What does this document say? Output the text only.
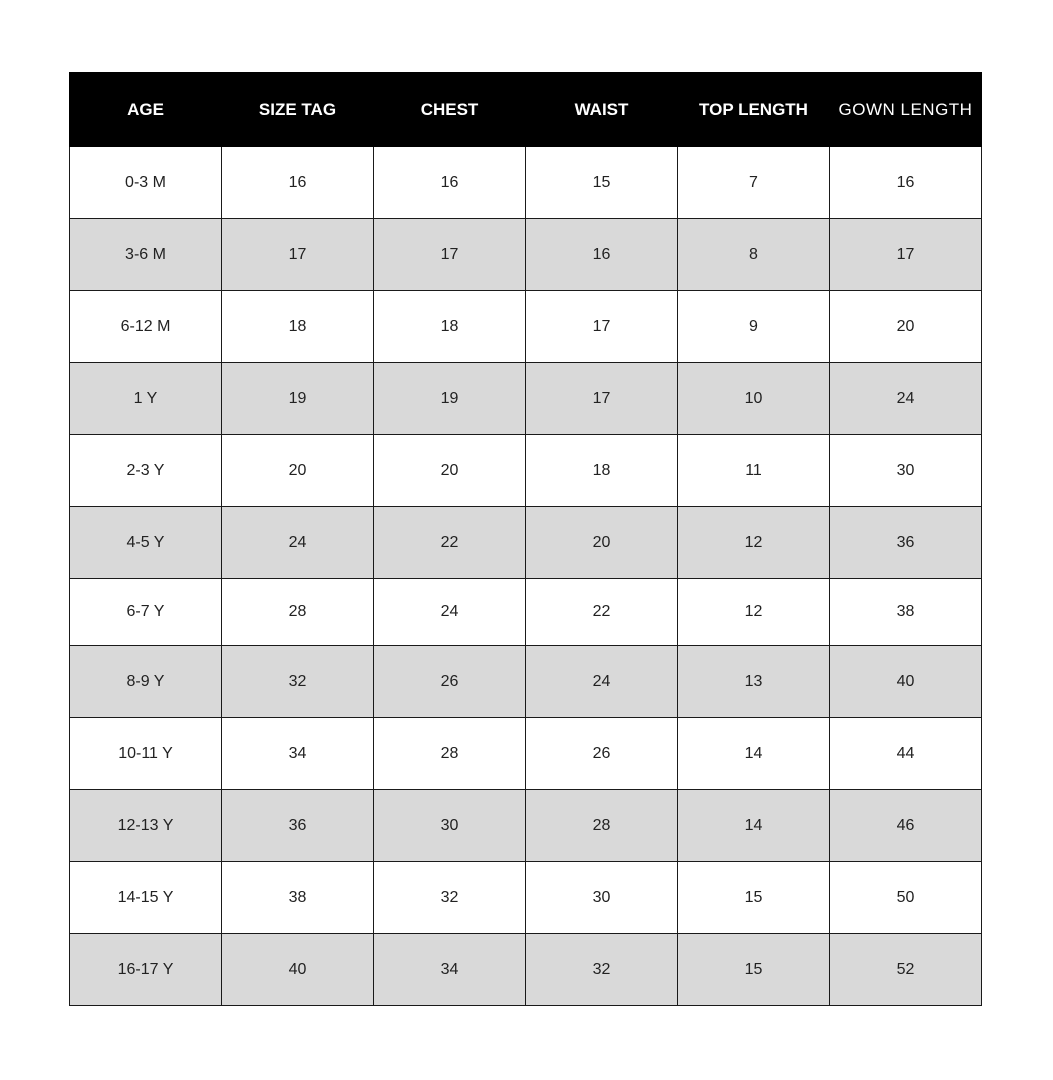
AGE	SIZE TAG	CHEST	WAIST	TOP LENGTH	GOWN LENGTH
0-3 M	16	16	15	7	16
3-6 M	17	17	16	8	17
6-12 M	18	18	17	9	20
1 Y	19	19	17	10	24
2-3 Y	20	20	18	11	30
4-5 Y	24	22	20	12	36
6-7 Y	28	24	22	12	38
8-9 Y	32	26	24	13	40
10-11 Y	34	28	26	14	44
12-13 Y	36	30	28	14	46
14-15 Y	38	32	30	15	50
16-17 Y	40	34	32	15	52
